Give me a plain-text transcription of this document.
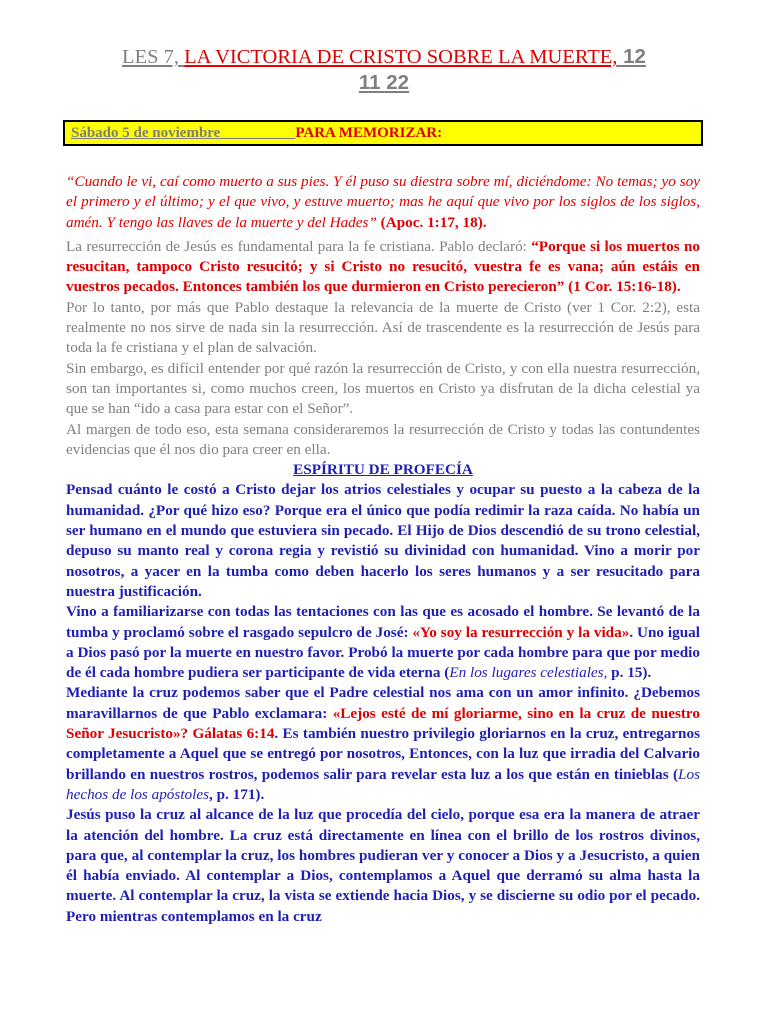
LES 7, LA VICTORIA DE CRISTO SOBRE LA MUERTE, 12
11 22
Sábado 5 de noviembre__________PARA MEMORIZAR:

“Cuando le vi, caí como muerto a sus pies. Y él puso su diestra sobre mí, diciéndome: No temas; yo soy el primero y el último; y el que vivo, y estuve muerto; mas he aquí que vivo por los siglos de los siglos, amén. Y tengo las llaves de la muerte y del Hades” (Apoc. 1:17, 18).

La resurrección de Jesús es fundamental para la fe cristiana. Pablo declaró: “Porque si los muertos no resucitan, tampoco Cristo resucitó; y si Cristo no resucitó, vuestra fe es vana; aún estáis en vuestros pecados. Entonces también los que durmieron en Cristo perecieron” (1 Cor. 15:16-18).

Por lo tanto, por más que Pablo destaque la relevancia de la muerte de Cristo (ver 1 Cor. 2:2), esta realmente no nos sirve de nada sin la resurrección. Así de trascendente es la resurrección de Jesús para toda la fe cristiana y el plan de salvación.

Sin embargo, es difícil entender por qué razón la resurrección de Cristo, y con ella nuestra resurrección, son tan importantes si, como muchos creen, los muertos en Cristo ya disfrutan de la dicha celestial ya que se han “ido a casa para estar con el Señor”.

Al margen de todo eso, esta semana consideraremos la resurrección de Cristo y todas las contundentes evidencias que él nos dio para creer en ella.

ESPÍRITU DE PROFECÍA

Pensad cuánto le costó a Cristo dejar los atrios celestiales y ocupar su puesto a la cabeza de la humanidad. ¿Por qué hizo eso? Porque era el único que podía redimir la raza caída. No había un ser humano en el mundo que estuviera sin pecado. El Hijo de Dios descendió de su trono celestial, depuso su manto real y corona regia y revistió su divinidad con humanidad. Vino a morir por nosotros, a yacer en la tumba como deben hacerlo los seres humanos y a ser resucitado para nuestra justificación.

Vino a familiarizarse con todas las tentaciones con las que es acosado el hombre. Se levantó de la tumba y proclamó sobre el rasgado sepulcro de José: «Yo soy la resurrección y la vida». Uno igual a Dios pasó por la muerte en nuestro favor. Probó la muerte por cada hombre para que por medio de él cada hombre pudiera ser participante de vida eterna (En los lugares celestiales, p. 15).

Mediante la cruz podemos saber que el Padre celestial nos ama con un amor infinito. ¿Debemos maravillarnos de que Pablo exclamara: «Lejos esté de mí gloriarme, sino en la cruz de nuestro Señor Jesucristo»? Gálatas 6:14. Es también nuestro privilegio gloriarnos en la cruz, entregarnos completamente a Aquel que se entregó por nosotros, Entonces, con la luz que irradia del Calvario brillando en nuestros rostros, podemos salir para revelar esta luz a los que están en tinieblas (Los hechos de los apóstoles, p. 171).

Jesús puso la cruz al alcance de la luz que procedía del cielo, porque esa era la manera de atraer la atención del hombre. La cruz está directamente en línea con el brillo de los rostros divinos, para que, al contemplar la cruz, los hombres pudieran ver y conocer a Dios y a Jesucristo, a quien él había enviado. Al contemplar a Dios, contemplamos a Aquel que derramó su alma hasta la muerte. Al contemplar la cruz, la vista se extiende hacia Dios, y se discierne su odio por el pecado. Pero mientras contemplamos en la cruz
